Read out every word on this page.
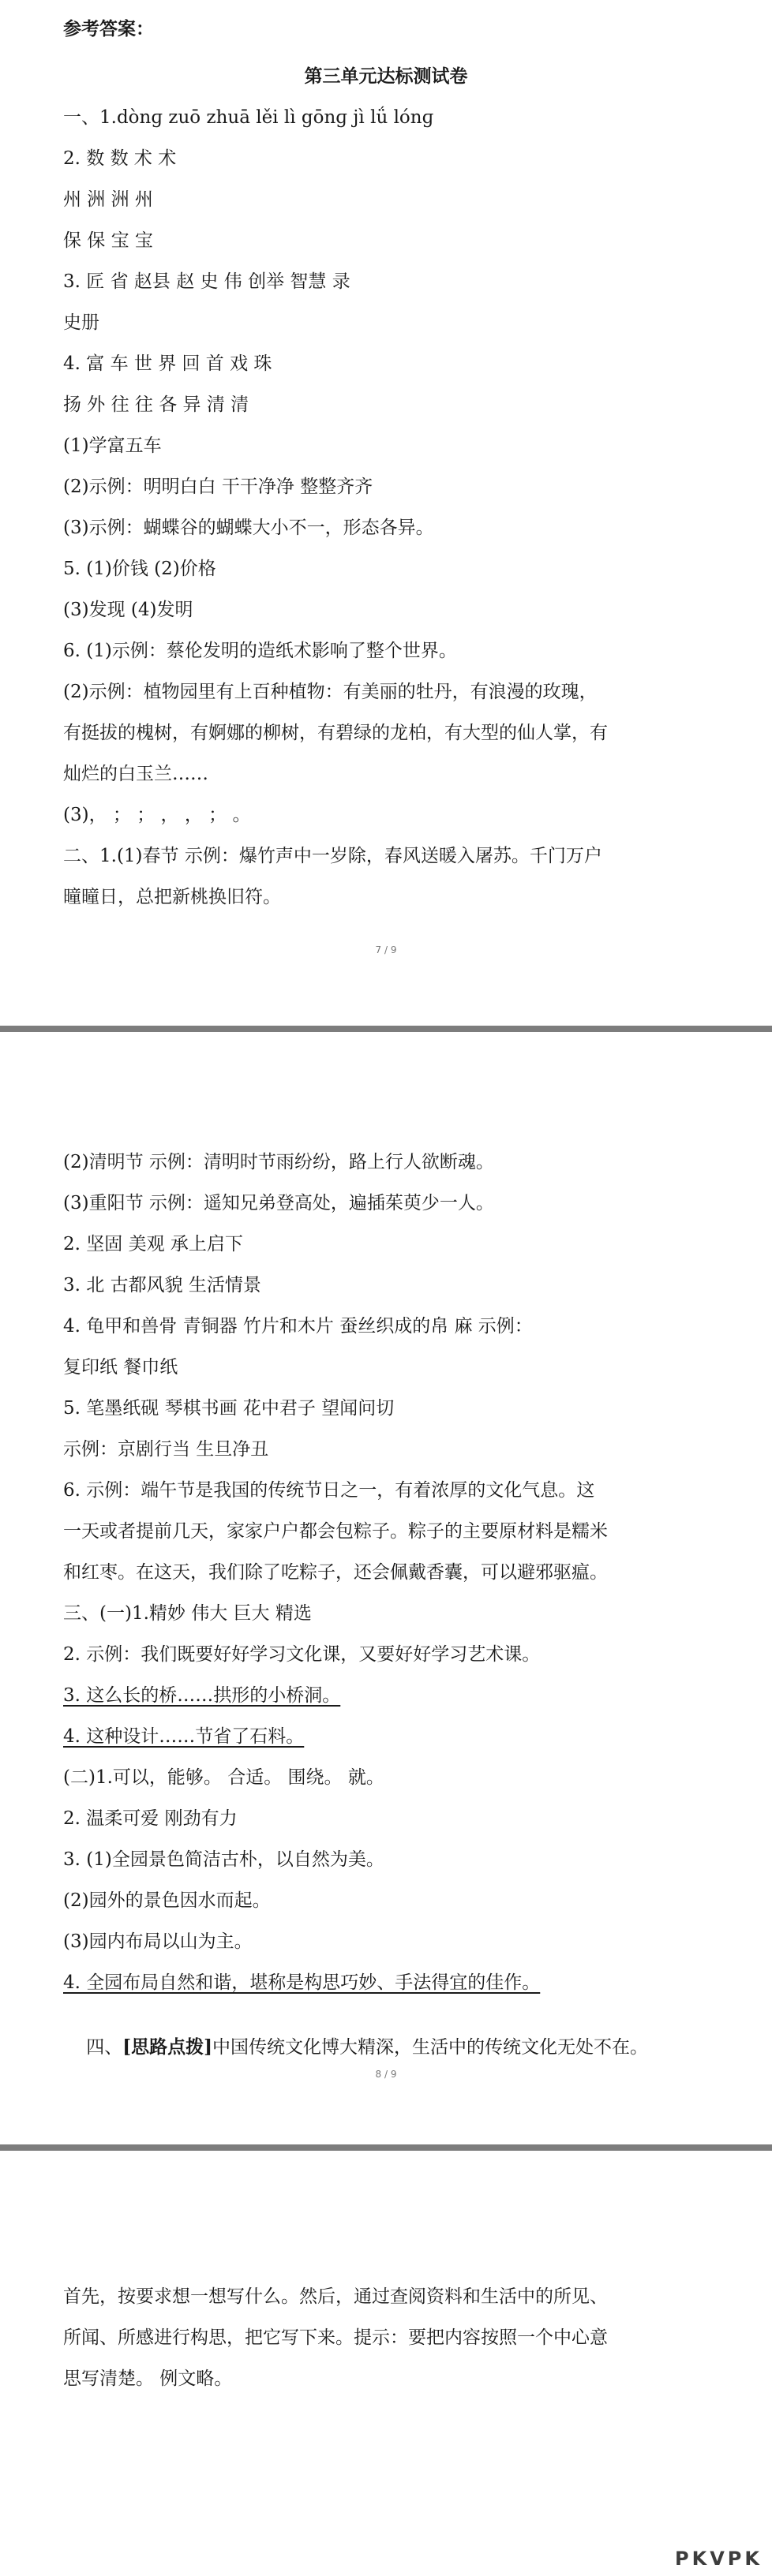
参考答案：
第三单元达标测试卷
一、1.dònɡ zuō zhuā lěi lì gōnɡ jì lǘ lónɡ
2. 数 数 术 术
州 洲 洲 州
保 保 宝 宝
3. 匠 省 赵县 赵 史 伟 创举 智慧 录
史册
4. 富 车 世 界 回 首 戏 珠
扬 外 往 往 各 异 清 清
(1)学富五车
(2)示例：明明白白 干干净净 整整齐齐
(3)示例：蝴蝶谷的蝴蝶大小不一，形态各异。
5. (1)价钱 (2)价格
(3)发现 (4)发明
6. (1)示例：蔡伦发明的造纸术影响了整个世界。
(2)示例：植物园里有上百种植物：有美丽的牡丹，有浪漫的玫瑰，
有挺拔的槐树，有婀娜的柳树，有碧绿的龙柏，有大型的仙人掌，有
灿烂的白玉兰……
(3)， ； ； ， ， ； 。
二、1.(1)春节 示例：爆竹声中一岁除，春风送暖入屠苏。千门万户
曈曈日，总把新桃换旧符。
7 / 9
(2)清明节 示例：清明时节雨纷纷，路上行人欲断魂。
(3)重阳节 示例：遥知兄弟登高处，遍插茱萸少一人。
2. 坚固 美观 承上启下
3. 北 古都风貌 生活情景
4. 龟甲和兽骨 青铜器 竹片和木片 蚕丝织成的帛 麻 示例：
复印纸 餐巾纸
5. 笔墨纸砚 琴棋书画 花中君子 望闻问切
示例：京剧行当 生旦净丑
6. 示例：端午节是我国的传统节日之一，有着浓厚的文化气息。这
一天或者提前几天，家家户户都会包粽子。粽子的主要原材料是糯米
和红枣。在这天，我们除了吃粽子，还会佩戴香囊，可以避邪驱瘟。
三、(一)1.精妙 伟大 巨大 精选
2. 示例：我们既要好好学习文化课，又要好好学习艺术课。
3. 这么长的桥……拱形的小桥洞。
4. 这种设计……节省了石料。
(二)1.可以，能够。 合适。 围绕。 就。
2. 温柔可爱 刚劲有力
3. (1)全园景色简洁古朴，以自然为美。
(2)园外的景色因水而起。
(3)园内布局以山为主。
4. 全园布局自然和谐，堪称是构思巧妙、手法得宜的佳作。

四、[思路点拨]中国传统文化博大精深，生活中的传统文化无处不在。

8 / 9
首先，按要求想一想写什么。然后，通过查阅资料和生活中的所见、
所闻、所感进行构思，把它写下来。提示：要把内容按照一个中心意
思写清楚。 例文略。
PKVPK
